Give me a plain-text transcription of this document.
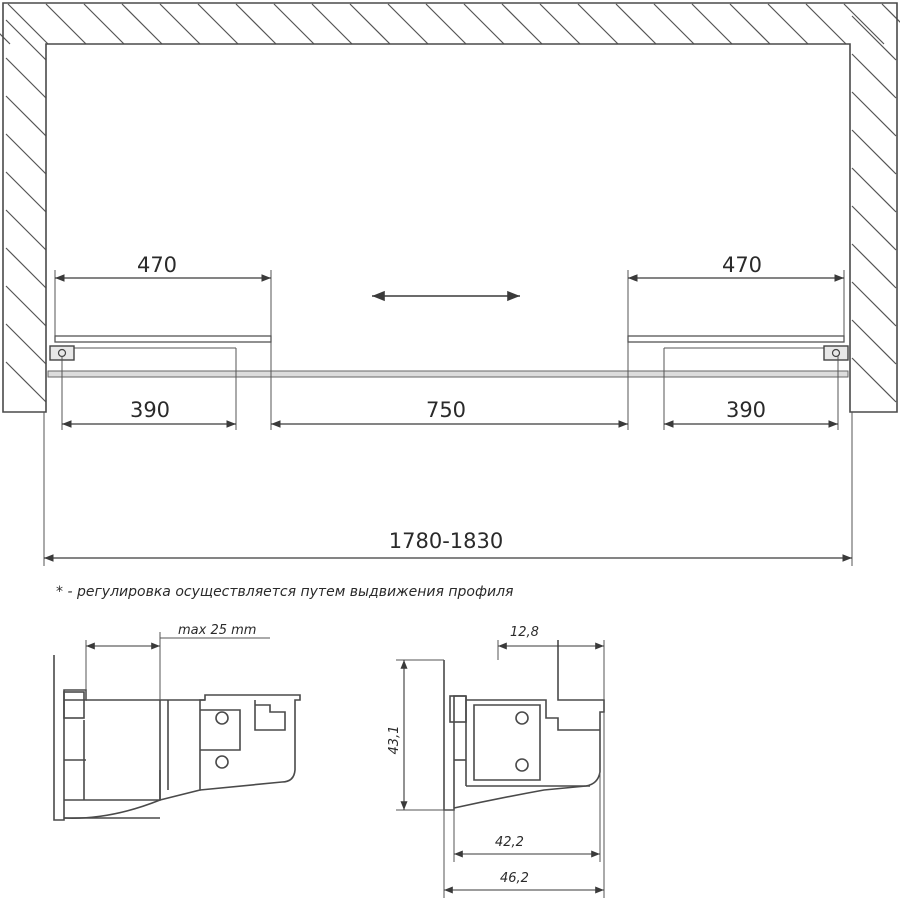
470	470
390	750	390
1780-1830
* - регулировка осуществляется путем выдвижения профиля
max 25 mm	12,8
43,1
42,2
46,2
